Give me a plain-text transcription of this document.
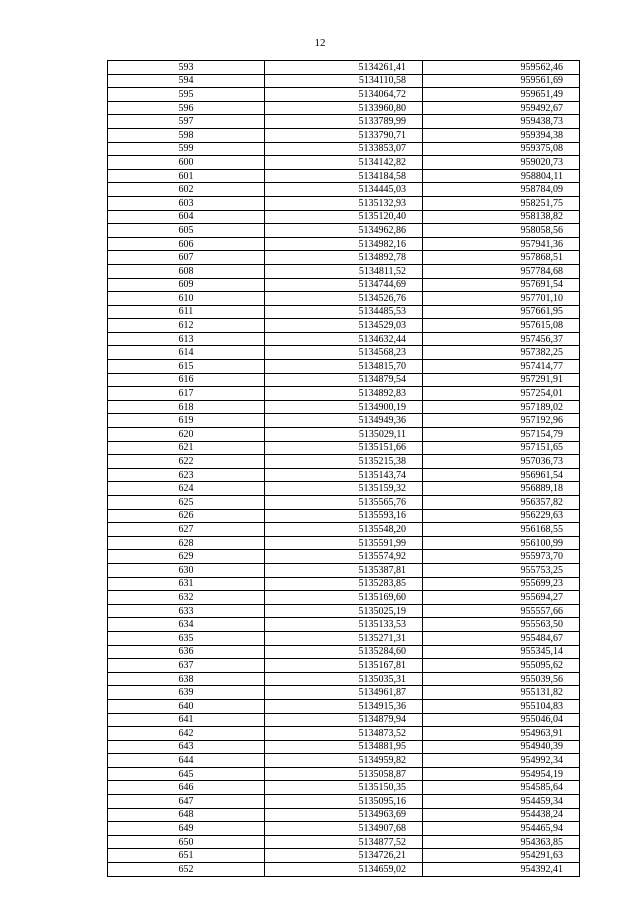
12
593	5134261,41	959562,46
594	5134110,58	959561,69
595	5134064,72	959651,49
596	5133960,80	959492,67
597	5133789,99	959438,73
598	5133790,71	959394,38
599	5133853,07	959375,08
600	5134142,82	959020,73
601	5134184,58	958804,11
602	5134445,03	958784,09
603	5135132,93	958251,75
604	5135120,40	958138,82
605	5134962,86	958058,56
606	5134982,16	957941,36
607	5134892,78	957868,51
608	5134811,52	957784,68
609	5134744,69	957691,54
610	5134526,76	957701,10
611	5134485,53	957661,95
612	5134529,03	957615,08
613	5134632,44	957456,37
614	5134568,23	957382,25
615	5134815,70	957414,77
616	5134879,54	957291,91
617	5134892,83	957254,01
618	5134900,19	957189,02
619	5134949,36	957192,96
620	5135029,11	957154,79
621	5135151,66	957151,65
622	5135215,38	957036,73
623	5135143,74	956961,54
624	5135159,32	956889,18
625	5135565,76	956357,82
626	5135593,16	956229,63
627	5135548,20	956168,55
628	5135591,99	956100,99
629	5135574,92	955973,70
630	5135387,81	955753,25
631	5135283,85	955699,23
632	5135169,60	955694,27
633	5135025,19	955557,66
634	5135133,53	955563,50
635	5135271,31	955484,67
636	5135284,60	955345,14
637	5135167,81	955095,62
638	5135035,31	955039,56
639	5134961,87	955131,82
640	5134915,36	955104,83
641	5134879,94	955046,04
642	5134873,52	954963,91
643	5134881,95	954940,39
644	5134959,82	954992,34
645	5135058,87	954954,19
646	5135150,35	954585,64
647	5135095,16	954459,34
648	5134963,69	954438,24
649	5134907,68	954465,94
650	5134877,52	954363,85
651	5134726,21	954291,63
652	5134659,02	954392,41
